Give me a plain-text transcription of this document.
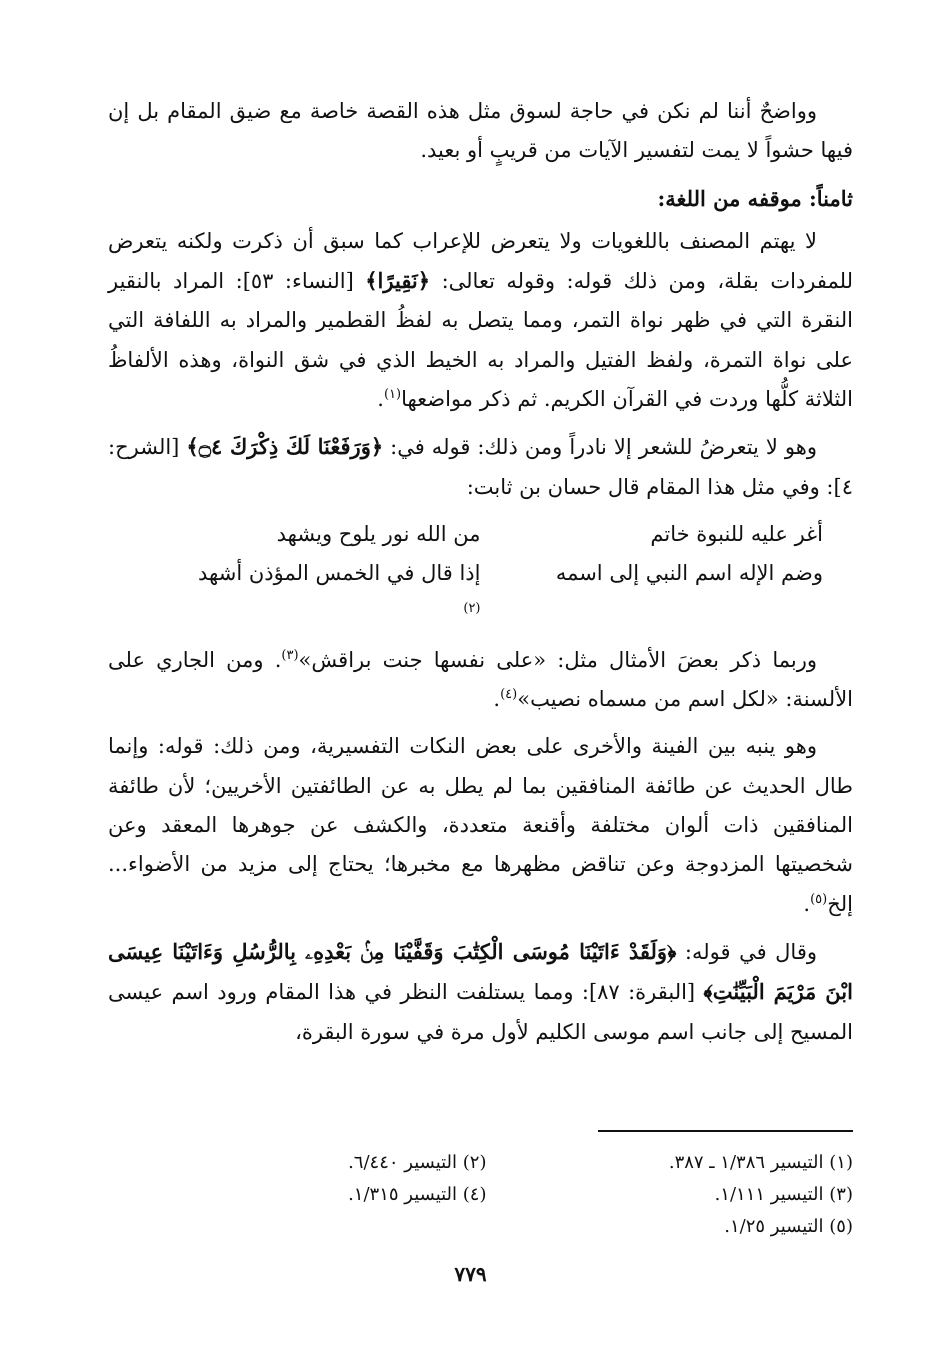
وواضحٌ أننا لم نكن في حاجة لسوق مثل هذه القصة خاصة مع ضيق المقام بل إن فيها حشواً لا يمت لتفسير الآيات من قريبٍ أو بعيد.

ثامناً: موقفه من اللغة:

لا يهتم المصنف باللغويات ولا يتعرض للإعراب كما سبق أن ذكرت ولكنه يتعرض للمفردات بقلة، ومن ذلك قوله: وقوله تعالى: ﴿نَقِيرًا﴾ [النساء: ٥٣]: المراد بالنقير النقرة التي في ظهر نواة التمر، ومما يتصل به لفظُ القطمير والمراد به اللفافة التي على نواة التمرة، ولفظ الفتيل والمراد به الخيط الذي في شق النواة، وهذه الألفاظُ الثلاثة كلُّها وردت في القرآن الكريم. ثم ذكر مواضعها$^{(١)}$.

وهو لا يتعرضُ للشعر إلا نادراً ومن ذلك: قوله في: ﴿وَرَفَعْنَا لَكَ ذِكْرَكَ ۝٤﴾ [الشرح: ٤]: وفي مثل هذا المقام قال حسان بن ثابت:

أغر عليه للنبوة خاتم
من الله نور يلوح ويشهد
وضم الإله اسم النبي إلى اسمه
إذا قال في الخمس المؤذن أشهد
$^{(٢)}$

وربما ذكر بعضَ الأمثال مثل: «على نفسها جنت براقش»$^{(٣)}$. ومن الجاري على الألسنة: «لكل اسم من مسماه نصيب»$^{(٤)}$.

وهو ينبه بين الفينة والأخرى على بعض النكات التفسيرية، ومن ذلك: قوله: وإنما طال الحديث عن طائفة المنافقين بما لم يطل به عن الطائفتين الأخريين؛ لأن طائفة المنافقين ذات ألوان مختلفة وأقنعة متعددة، والكشف عن جوهرها المعقد وعن شخصيتها المزدوجة وعن تناقض مظهرها مع مخبرها؛ يحتاج إلى مزيد من الأضواء... إلخ$^{(٥)}$.

وقال في قوله: ﴿وَلَقَدْ ءَاتَيْنَا مُوسَى الْكِتَٰبَ وَقَفَّيْنَا مِنۢ بَعْدِهِۦ بِالرُّسُلِ وَءَاتَيْنَا عِيسَى ابْنَ مَرْيَمَ الْبَيِّنَٰتِ﴾ [البقرة: ٨٧]: ومما يستلفت النظر في هذا المقام ورود اسم عيسى المسيح إلى جانب اسم موسى الكليم لأول مرة في سورة البقرة،

(١) التيسير ١/٣٨٦ ـ ٣٨٧.
(٢) التيسير ٦/٤٤٠.
(٣) التيسير ١/١١١.
(٤) التيسير ١/٣١٥.
(٥) التيسير ١/٢٥.
٧٧٩
